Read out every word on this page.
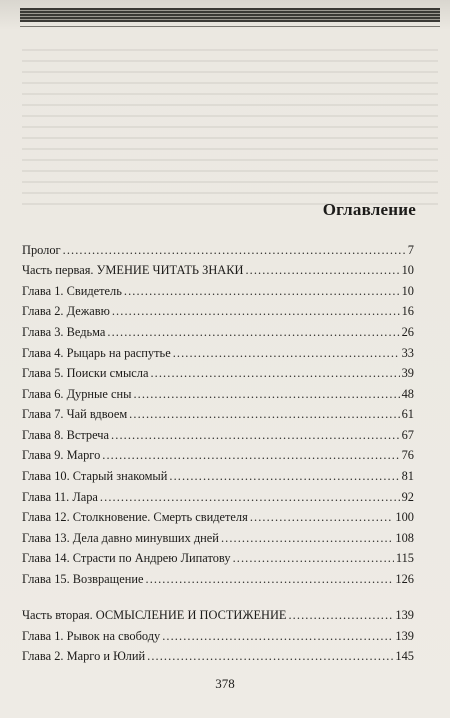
Оглавление
Пролог . . .	7
Часть первая. УМЕНИЕ ЧИТАТЬ ЗНАКИ . . .	10
Глава 1. Свидетель . . .	10
Глава 2. Дежавю . . .	16
Глава 3. Ведьма . . .	26
Глава 4. Рыцарь на распутье . . .	33
Глава 5. Поиски смысла . . .	39
Глава 6. Дурные сны . . .	48
Глава 7. Чай вдвоем . . .	61
Глава 8. Встреча . . .	67
Глава 9. Марго . . .	76
Глава 10. Старый знакомый . . .	81
Глава 11. Лара . . .	92
Глава 12. Столкновение. Смерть свидетеля . . .	100
Глава 13. Дела давно минувших дней . . .	108
Глава 14. Страсти по Андрею Липатову . . .	115
Глава 15. Возвращение . . .	126
Часть вторая. ОСМЫСЛЕНИЕ И ПОСТИЖЕНИЕ . . .	139
Глава 1. Рывок на свободу . . .	139
Глава 2. Марго и Юлий . . .	145
378
